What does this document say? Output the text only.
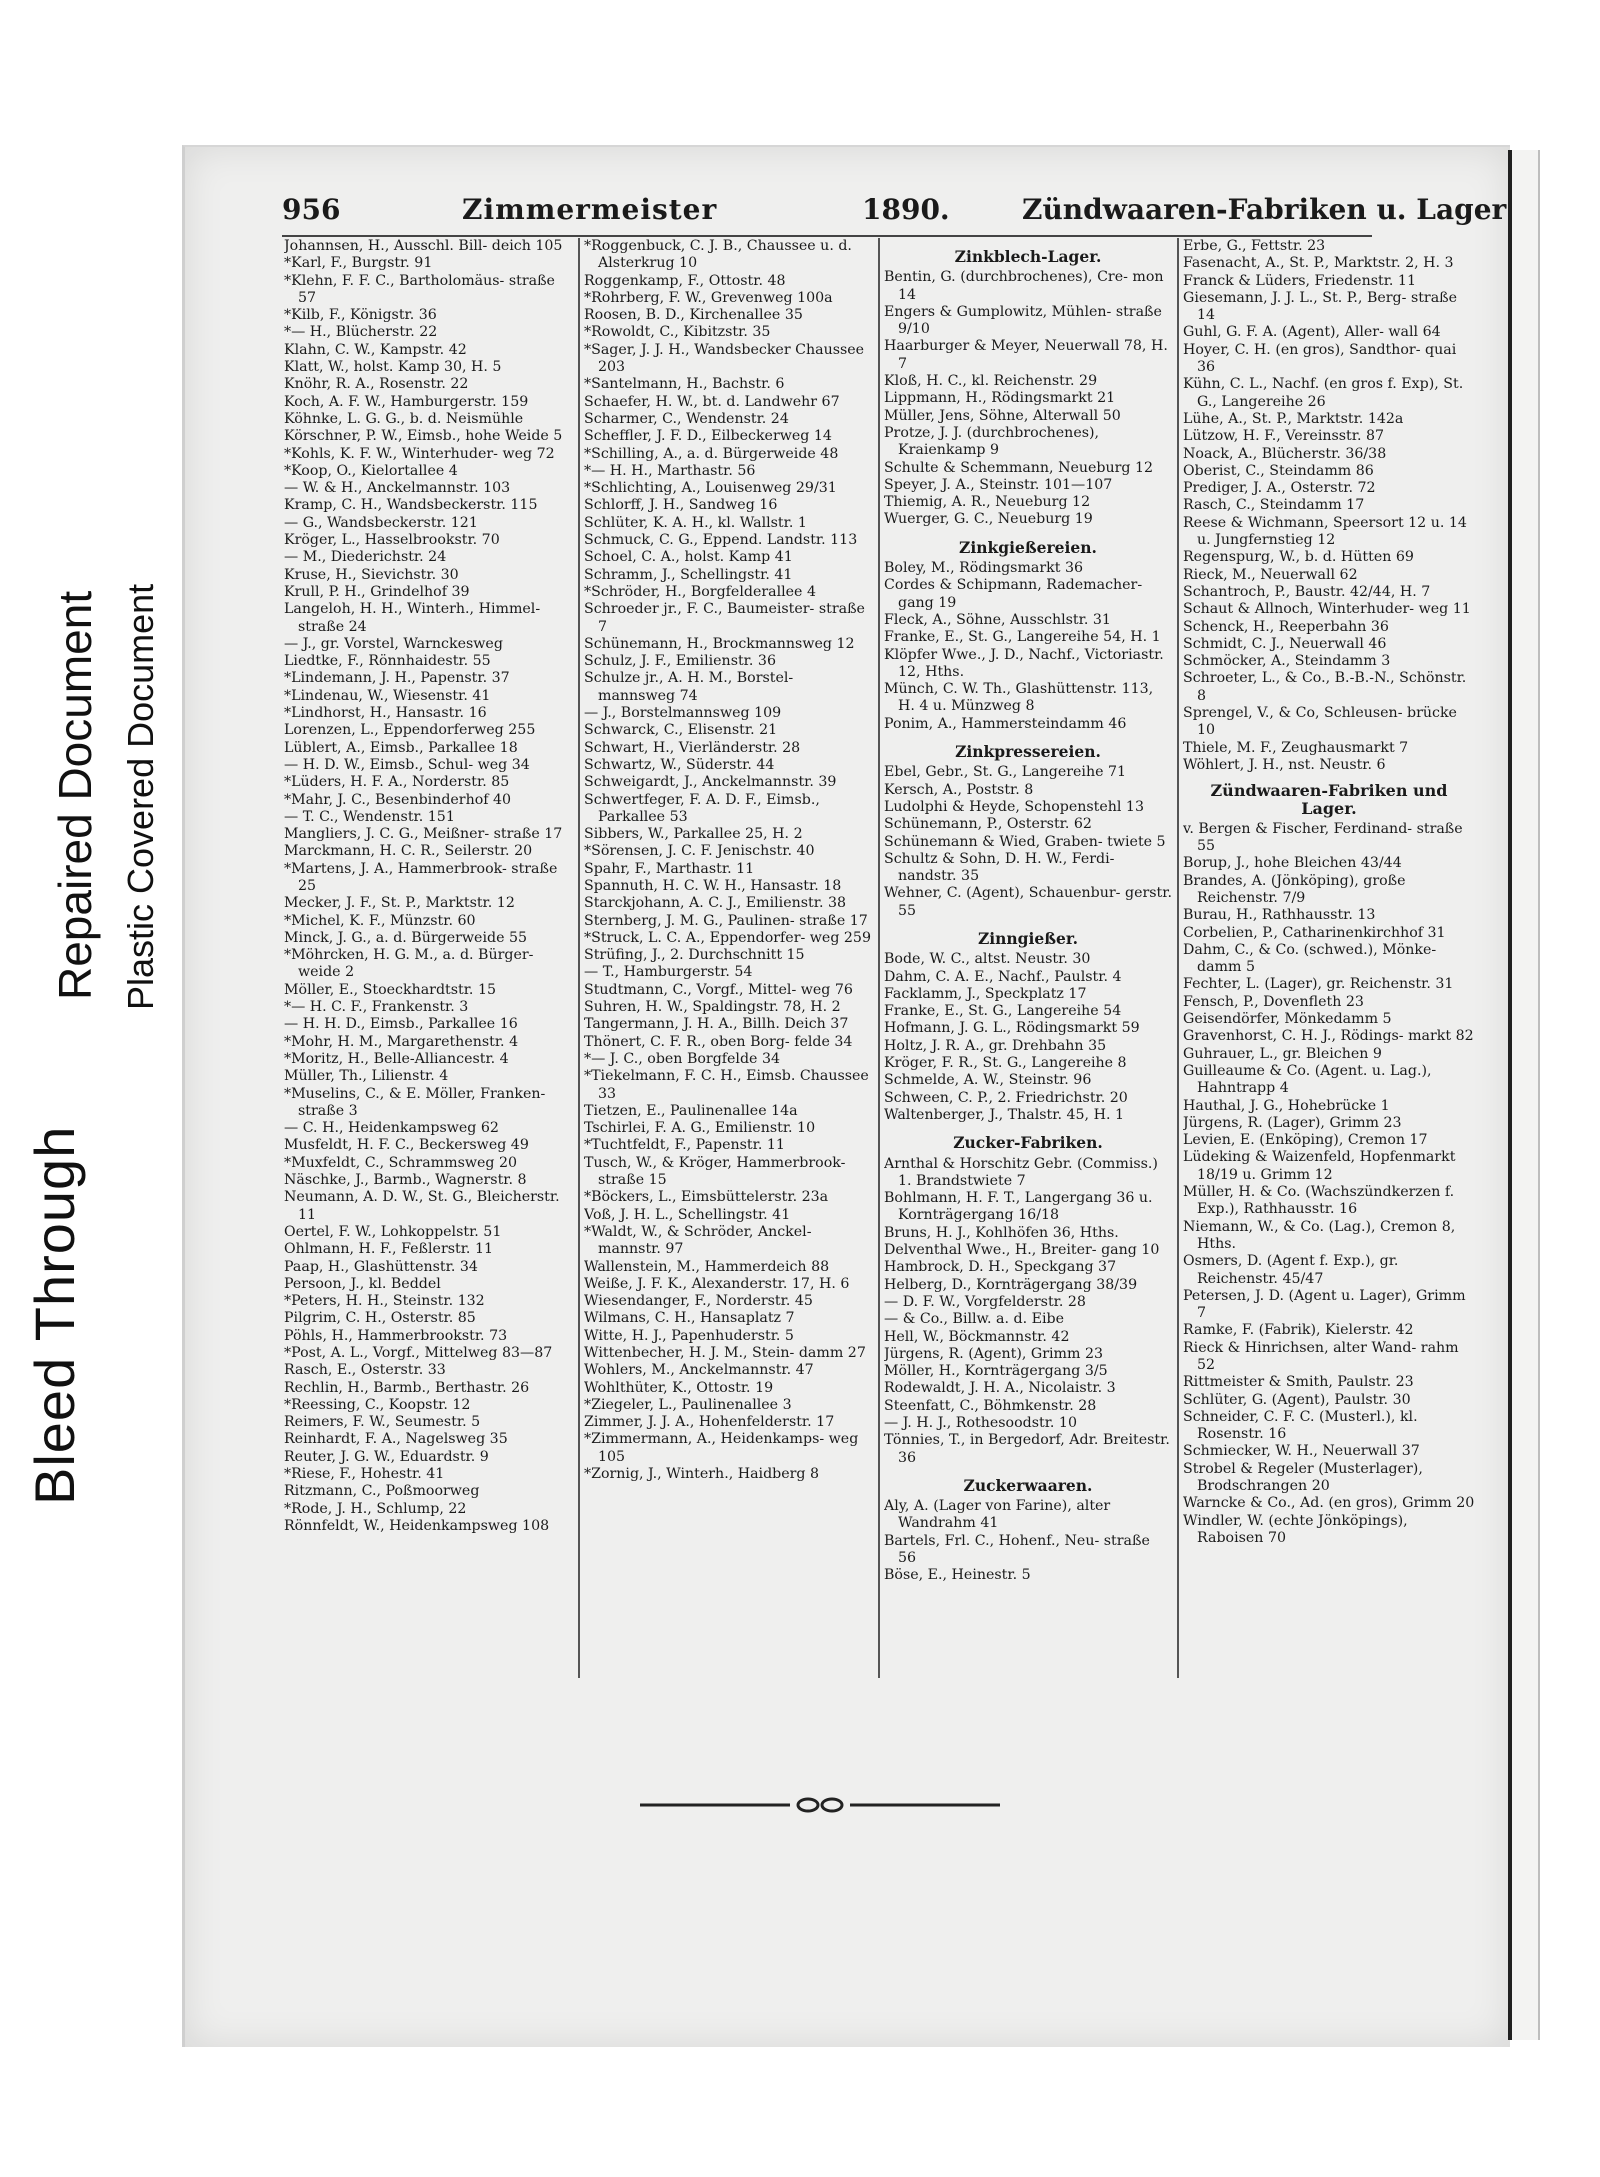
Bleed Through
Repaired Document Plastic Covered Document
956	Zimmermeister	1890.	Zündwaaren-Fabriken u. Lager
Johannsen, H., Ausschl. Bill- deich 105
*Karl, F., Burgstr. 91
*Klehn, F. F. C., Bartholomäus- straße 57
*Kilb, F., Königstr. 36
*— H., Blücherstr. 22
Klahn, C. W., Kampstr. 42
Klatt, W., holst. Kamp 30, H. 5
Knöhr, R. A., Rosenstr. 22
Koch, A. F. W., Hamburgerstr. 159
Köhnke, L. G. G., b. d. Neismühle
Körschner, P. W., Eimsb., hohe Weide 5
*Kohls, K. F. W., Winterhuder- weg 72
*Koop, O., Kielortallee 4
— W. & H., Anckelmannstr. 103
Kramp, C. H., Wandsbeckerstr. 115
— G., Wandsbeckerstr. 121
Kröger, L., Hasselbrookstr. 70
— M., Diederichstr. 24
Kruse, H., Sievichstr. 30
Krull, P. H., Grindelhof 39
Langeloh, H. H., Winterh., Himmel- straße 24
— J., gr. Vorstel, Warnckesweg
Liedtke, F., Rönnhaidestr. 55
*Lindemann, J. H., Papenstr. 37
*Lindenau, W., Wiesenstr. 41
*Lindhorst, H., Hansastr. 16
Lorenzen, L., Eppendorferweg 255
Lüblert, A., Eimsb., Parkallee 18
— H. D. W., Eimsb., Schul- weg 34
*Lüders, H. F. A., Norderstr. 85
*Mahr, J. C., Besenbinderhof 40
— T. C., Wendenstr. 151
Mangliers, J. C. G., Meißner- straße 17
Marckmann, H. C. R., Seilerstr. 20
*Martens, J. A., Hammerbrook- straße 25
Mecker, J. F., St. P., Marktstr. 12
*Michel, K. F., Münzstr. 60
Minck, J. G., a. d. Bürgerweide 55
*Möhrcken, H. G. M., a. d. Bürger- weide 2
Möller, E., Stoeckhardtstr. 15
*— H. C. F., Frankenstr. 3
— H. H. D., Eimsb., Parkallee 16
*Mohr, H. M., Margarethenstr. 4
*Moritz, H., Belle-Alliancestr. 4
Müller, Th., Lilienstr. 4
*Muselins, C., & E. Möller, Franken- straße 3
— C. H., Heidenkampsweg 62
Musfeldt, H. F. C., Beckersweg 49
*Muxfeldt, C., Schrammsweg 20
Näschke, J., Barmb., Wagnerstr. 8
Neumann, A. D. W., St. G., Bleicherstr. 11
Oertel, F. W., Lohkoppelstr. 51
Ohlmann, H. F., Feßlerstr. 11
Paap, H., Glashüttenstr. 34
Persoon, J., kl. Beddel
*Peters, H. H., Steinstr. 132
Pilgrim, C. H., Osterstr. 85
Pöhls, H., Hammerbrookstr. 73
*Post, A. L., Vorgf., Mittelweg 83—87
Rasch, E., Osterstr. 33
Rechlin, H., Barmb., Berthastr. 26
*Reessing, C., Koopstr. 12
Reimers, F. W., Seumestr. 5
Reinhardt, F. A., Nagelsweg 35
Reuter, J. G. W., Eduardstr. 9
*Riese, F., Hohestr. 41
Ritzmann, C., Poßmoorweg
*Rode, J. H., Schlump, 22
Rönnfeldt, W., Heidenkampsweg 108
*Roggenbuck, C. J. B., Chaussee u. d. Alsterkrug 10
Roggenkamp, F., Ottostr. 48
*Rohrberg, F. W., Grevenweg 100a
Roosen, B. D., Kirchenallee 35
*Rowoldt, C., Kibitzstr. 35
*Sager, J. J. H., Wandsbecker Chaussee 203
*Santelmann, H., Bachstr. 6
Schaefer, H. W., bt. d. Landwehr 67
Scharmer, C., Wendenstr. 24
Scheffler, J. F. D., Eilbeckerweg 14
*Schilling, A., a. d. Bürgerweide 48
*— H. H., Marthastr. 56
*Schlichting, A., Louisenweg 29/31
Schlorff, J. H., Sandweg 16
Schlüter, K. A. H., kl. Wallstr. 1
Schmuck, C. G., Eppend. Landstr. 113
Schoel, C. A., holst. Kamp 41
Schramm, J., Schellingstr. 41
*Schröder, H., Borgfelderallee 4
Schroeder jr., F. C., Baumeister- straße 7
Schünemann, H., Brockmannsweg 12
Schulz, J. F., Emilienstr. 36
Schulze jr., A. H. M., Borstel- mannsweg 74
— J., Borstelmannsweg 109
Schwarck, C., Elisenstr. 21
Schwart, H., Vierländerstr. 28
Schwartz, W., Süderstr. 44
Schweigardt, J., Anckelmannstr. 39
Schwertfeger, F. A. D. F., Eimsb., Parkallee 53
Sibbers, W., Parkallee 25, H. 2
*Sörensen, J. C. F. Jenischstr. 40
Spahr, F., Marthastr. 11
Spannuth, H. C. W. H., Hansastr. 18
Starckjohann, A. C. J., Emilienstr. 38
Sternberg, J. M. G., Paulinen- straße 17
*Struck, L. C. A., Eppendorfer- weg 259
Strüfing, J., 2. Durchschnitt 15
— T., Hamburgerstr. 54
Studtmann, C., Vorgf., Mittel- weg 76
Suhren, H. W., Spaldingstr. 78, H. 2
Tangermann, J. H. A., Billh. Deich 37
Thönert, C. F. R., oben Borg- felde 34
*— J. C., oben Borgfelde 34
*Tiekelmann, F. C. H., Eimsb. Chaussee 33
Tietzen, E., Paulinenallee 14a
Tschirlei, F. A. G., Emilienstr. 10
*Tuchtfeldt, F., Papenstr. 11
Tusch, W., & Kröger, Hammerbrook- straße 15
*Böckers, L., Eimsbüttelerstr. 23a
Voß, J. H. L., Schellingstr. 41
*Waldt, W., & Schröder, Anckel- mannstr. 97
Wallenstein, M., Hammerdeich 88
Weiße, J. F. K., Alexanderstr. 17, H. 6
Wiesendanger, F., Norderstr. 45
Wilmans, C. H., Hansaplatz 7
Witte, H. J., Papenhuderstr. 5
Wittenbecher, H. J. M., Stein- damm 27
Wohlers, M., Anckelmannstr. 47
Wohlthüter, K., Ottostr. 19
*Ziegeler, L., Paulinenallee 3
Zimmer, J. J. A., Hohenfelderstr. 17
*Zimmermann, A., Heidenkamps- weg 105
*Zornig, J., Winterh., Haidberg 8
Zinkblech-Lager.
Bentin, G. (durchbrochenes), Cre- mon 14
Engers & Gumplowitz, Mühlen- straße 9/10
Haarburger & Meyer, Neuerwall 78, H. 7
Kloß, H. C., kl. Reichenstr. 29
Lippmann, H., Rödingsmarkt 21
Müller, Jens, Söhne, Alterwall 50
Protze, J. J. (durchbrochenes), Kraienkamp 9
Schulte & Schemmann, Neueburg 12
Speyer, J. A., Steinstr. 101—107
Thiemig, A. R., Neueburg 12
Wuerger, G. C., Neueburg 19
Zinkgießereien.
Boley, M., Rödingsmarkt 36
Cordes & Schipmann, Rademacher- gang 19
Fleck, A., Söhne, Ausschlstr. 31
Franke, E., St. G., Langereihe 54, H. 1
Klöpfer Wwe., J. D., Nachf., Victoriastr. 12, Hths.
Münch, C. W. Th., Glashüttenstr. 113, H. 4 u. Münzweg 8
Ponim, A., Hammersteindamm 46
Zinkpressereien.
Ebel, Gebr., St. G., Langereihe 71
Kersch, A., Poststr. 8
Ludolphi & Heyde, Schopenstehl 13
Schünemann, P., Osterstr. 62
Schünemann & Wied, Graben- twiete 5
Schultz & Sohn, D. H. W., Ferdi- nandstr. 35
Wehner, C. (Agent), Schauenbur- gerstr. 55
Zinngießer.
Bode, W. C., altst. Neustr. 30
Dahm, C. A. E., Nachf., Paulstr. 4
Facklamm, J., Speckplatz 17
Franke, E., St. G., Langereihe 54
Hofmann, J. G. L., Rödingsmarkt 59
Holtz, J. R. A., gr. Drehbahn 35
Kröger, F. R., St. G., Langereihe 8
Schmelde, A. W., Steinstr. 96
Schween, C. P., 2. Friedrichstr. 20
Waltenberger, J., Thalstr. 45, H. 1
Zucker-Fabriken.
Arnthal & Horschitz Gebr. (Commiss.) 1. Brandstwiete 7
Bohlmann, H. F. T., Langergang 36 u. Kornträgergang 16/18
Bruns, H. J., Kohlhöfen 36, Hths.
Delventhal Wwe., H., Breiter- gang 10
Hambrock, D. H., Speckgang 37
Helberg, D., Kornträgergang 38/39
— D. F. W., Vorgfelderstr. 28
— & Co., Billw. a. d. Eibe
Hell, W., Böckmannstr. 42
Jürgens, R. (Agent), Grimm 23
Möller, H., Kornträgergang 3/5
Rodewaldt, J. H. A., Nicolaistr. 3
Steenfatt, C., Böhmkenstr. 28
— J. H. J., Rothesoodstr. 10
Tönnies, T., in Bergedorf, Adr. Breitestr. 36
Zuckerwaaren.
Aly, A. (Lager von Farine), alter Wandrahm 41
Bartels, Frl. C., Hohenf., Neu- straße 56
Böse, E., Heinestr. 5
Erbe, G., Fettstr. 23
Fasenacht, A., St. P., Marktstr. 2, H. 3
Franck & Lüders, Friedenstr. 11
Giesemann, J. J. L., St. P., Berg- straße 14
Guhl, G. F. A. (Agent), Aller- wall 64
Hoyer, C. H. (en gros), Sandthor- quai 36
Kühn, C. L., Nachf. (en gros f. Exp), St. G., Langereihe 26
Lühe, A., St. P., Marktstr. 142a
Lützow, H. F., Vereinsstr. 87
Noack, A., Blücherstr. 36/38
Oberist, C., Steindamm 86
Prediger, J. A., Osterstr. 72
Rasch, C., Steindamm 17
Reese & Wichmann, Speersort 12 u. 14 u. Jungfernstieg 12
Regenspurg, W., b. d. Hütten 69
Rieck, M., Neuerwall 62
Schantroch, P., Baustr. 42/44, H. 7
Schaut & Allnoch, Winterhuder- weg 11
Schenck, H., Reeperbahn 36
Schmidt, C. J., Neuerwall 46
Schmöcker, A., Steindamm 3
Schroeter, L., & Co., B.-B.-N., Schönstr. 8
Sprengel, V., & Co, Schleusen- brücke 10
Thiele, M. F., Zeughausmarkt 7
Wöhlert, J. H., nst. Neustr. 6
Zündwaaren-Fabriken und Lager.
v. Bergen & Fischer, Ferdinand- straße 55
Borup, J., hohe Bleichen 43/44
Brandes, A. (Jönköping), große Reichenstr. 7/9
Burau, H., Rathhausstr. 13
Corbelien, P., Catharinenkirchhof 31
Dahm, C., & Co. (schwed.), Mönke- damm 5
Fechter, L. (Lager), gr. Reichenstr. 31
Fensch, P., Dovenfleth 23
Geisendörfer, Mönkedamm 5
Gravenhorst, C. H. J., Rödings- markt 82
Guhrauer, L., gr. Bleichen 9
Guilleaume & Co. (Agent. u. Lag.), Hahntrapp 4
Hauthal, J. G., Hohebrücke 1
Jürgens, R. (Lager), Grimm 23
Levien, E. (Enköping), Cremon 17
Lüdeking & Waizenfeld, Hopfenmarkt 18/19 u. Grimm 12
Müller, H. & Co. (Wachszündkerzen f. Exp.), Rathhausstr. 16
Niemann, W., & Co. (Lag.), Cremon 8, Hths.
Osmers, D. (Agent f. Exp.), gr. Reichenstr. 45/47
Petersen, J. D. (Agent u. Lager), Grimm 7
Ramke, F. (Fabrik), Kielerstr. 42
Rieck & Hinrichsen, alter Wand- rahm 52
Rittmeister & Smith, Paulstr. 23
Schlüter, G. (Agent), Paulstr. 30
Schneider, C. F. C. (Musterl.), kl. Rosenstr. 16
Schmiecker, W. H., Neuerwall 37
Strobel & Regeler (Musterlager), Brodschrangen 20
Warncke & Co., Ad. (en gros), Grimm 20
Windler, W. (echte Jönköpings), Raboisen 70
